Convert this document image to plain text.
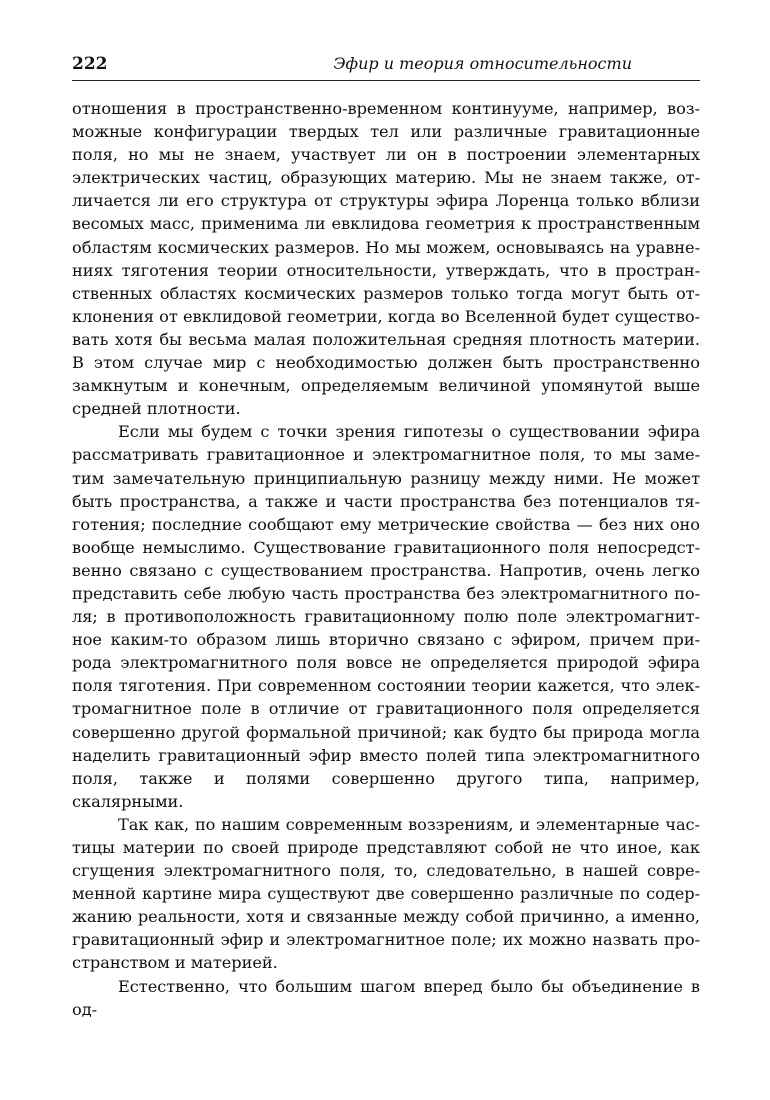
222	Эфир и теория относительности

отношения в пространственно-временном континууме, например, воз-

можные конфигурации твердых тел или различные гравитационные

поля, но мы не знаем, участвует ли он в построении элементарных

электрических частиц, образующих материю. Мы не знаем также, от-

личается ли его структура от структуры эфира Лоренца только вблизи

весомых масс, применима ли евклидова геометрия к пространственным

областям космических размеров. Но мы можем, основываясь на уравне-

ниях тяготения теории относительности, утверждать, что в простран-

ственных областях космических размеров только тогда могут быть от-

клонения от евклидовой геометрии, когда во Вселенной будет существо-

вать хотя бы весьма малая положительная средняя плотность материи.

В этом случае мир с необходимостью должен быть пространственно

замкнутым и конечным, определяемым величиной упомянутой выше

средней плотности.

Если мы будем с точки зрения гипотезы о существовании эфира

рассматривать гравитационное и электромагнитное поля, то мы заме-

тим замечательную принципиальную разницу между ними. Не может

быть пространства, а также и части пространства без потенциалов тя-

готения; последние сообщают ему метрические свойства — без них оно

вообще немыслимо. Существование гравитационного поля непосредст-

венно связано с существованием пространства. Напротив, очень легко

представить себе любую часть пространства без электромагнитного по-

ля; в противоположность гравитационному полю поле электромагнит-

ное каким-то образом лишь вторично связано с эфиром, причем при-

рода электромагнитного поля вовсе не определяется природой эфира

поля тяготения. При современном состоянии теории кажется, что элек-

тромагнитное поле в отличие от гравитационного поля определяется

совершенно другой формальной причиной; как будто бы природа могла

наделить гравитационный эфир вместо полей типа электромагнитного

поля, также и полями совершенно другого типа, например, скалярными.

Так как, по нашим современным воззрениям, и элементарные час-

тицы материи по своей природе представляют собой не что иное, как

сгущения электромагнитного поля, то, следовательно, в нашей совре-

менной картине мира существуют две совершенно различные по содер-

жанию реальности, хотя и связанные между собой причинно, а именно,

гравитационный эфир и электромагнитное поле; их можно назвать про-

странством и материей.

Естественно, что большим шагом вперед было бы объединение в од-
